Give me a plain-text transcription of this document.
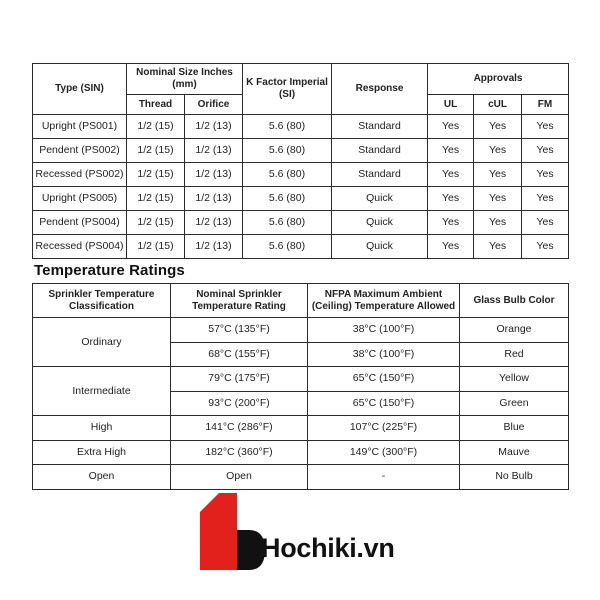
Type (SIN)	Nominal Size Inches (mm)		K Factor Imperial (SI)	Response	Approvals		
	Thread	Orifice			UL	cUL	FM
Upright (PS001)	1/2 (15)	1/2 (13)	5.6 (80)	Standard	Yes	Yes	Yes
Pendent (PS002)	1/2 (15)	1/2 (13)	5.6 (80)	Standard	Yes	Yes	Yes
Recessed (PS002)	1/2 (15)	1/2 (13)	5.6 (80)	Standard	Yes	Yes	Yes
Upright (PS005)	1/2 (15)	1/2 (13)	5.6 (80)	Quick	Yes	Yes	Yes
Pendent (PS004)	1/2 (15)	1/2 (13)	5.6 (80)	Quick	Yes	Yes	Yes
Recessed (PS004)	1/2 (15)	1/2 (13)	5.6 (80)	Quick	Yes	Yes	Yes
Temperature Ratings
Sprinkler Temperature Classification	Nominal Sprinkler Temperature Rating	NFPA Maximum Ambient (Ceiling) Temperature Allowed	Glass Bulb Color
Ordinary	57°C (135°F)	38°C (100°F)	Orange
	68°C (155°F)	38°C (100°F)	Red
Intermediate	79°C (175°F)	65°C (150°F)	Yellow
	93°C (200°F)	65°C (150°F)	Green
High	141°C (286°F)	107°C (225°F)	Blue
Extra High	182°C (360°F)	149°C (300°F)	Mauve
Open	Open	-	No Bulb
Hochiki.vn
